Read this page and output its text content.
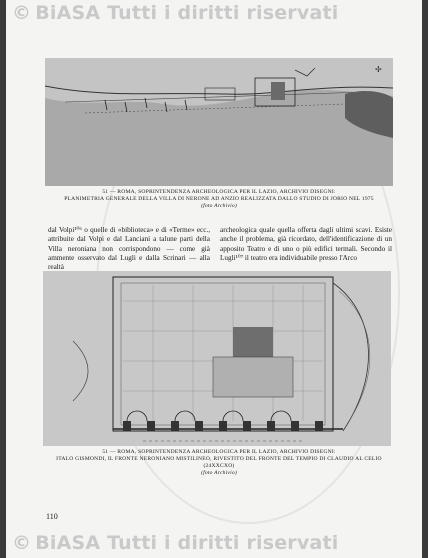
© BiASA Tutti i diritti riservati
✢
51 — ROMA, SOPRINTENDENZA ARCHEOLOGICA PER IL LAZIO, ARCHIVIO DISEGNI:
PLANIMETRIA GENERALE DELLA VILLA DI NERONE AD ANZIO REALIZZATA DALLO STUDIO DI JORIO NEL 1975
(foto Archivio)
dal Volpi¹⁰⁶ o quelle di «biblioteca» e di «Terme» ecc., attribuite dal Volpi e dal Lanciani a talune parti della Villa neroniana non corrispondono — come già ammente osservato dal Lugli e dalla Scrinari — alla realtà
archeologica quale quella offerta dagli ultimi scavi. Esiste anche il problema, già ricordato, dell'identificazione di un apposito Teatro e di uno o più edifici termali. Secondo il Lugli¹⁰⁷ il teatro era individuabile presso l'Arco
51 — ROMA, SOPRINTENDENZA ARCHEOLOGICA PER IL LAZIO, ARCHIVIO DISEGNI:
ITALO GISMONDI, IL FRONTE NERONIANO MISTILINEO, RIVESTITO DEL FRONTE DEL TEMPIO DI CLAUDIO AL CELIO (24XXCXO)
(foto Archivio)
110
© BiASA Tutti i diritti riservati
